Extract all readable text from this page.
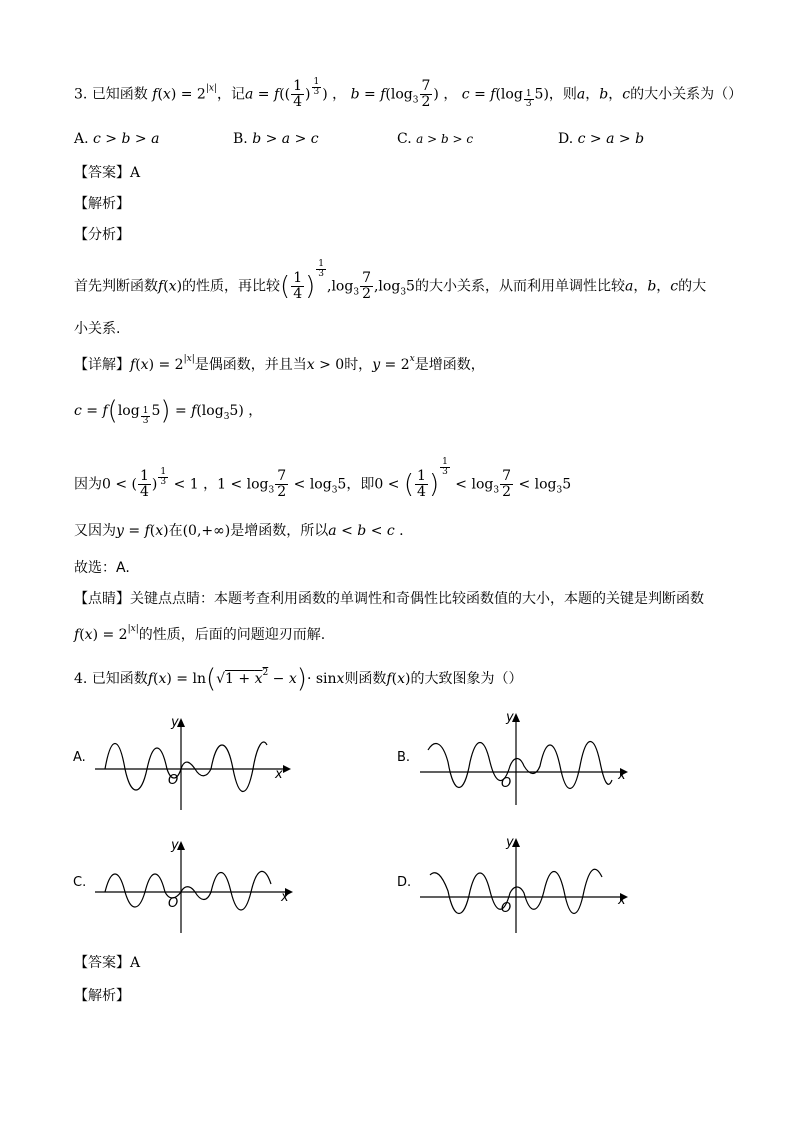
3. 已知函数 $f(x) = 2^{|x|}$，记$a = f(( \frac{1}{4}$ ) $^{\frac{1}{3}}$ ) ， $b = f(\log_3 \frac{7}{2}$ ) ， c = f(log $_{\frac{1}{3}}$ 5)，则a，b，c的大小关系为（）
A. c > b > a	B. b > a > c	C. a > b > c	D. c > a > b
【答案】A
【解析】
【分析】
首先判断函数f(x)的性质，再比较( $\frac{1}{4}$ )
$^{\frac{1}{3}}$
$,\log_3 \frac{7}{2} ,\log_35$的大小关系，从而利用单调性比较a，b，c的大
小关系.
【详解】$f(x) = 2^{|x|}$是偶函数，并且当x > 0时，$y = 2^x$是增函数，
c = f(log $_{\frac{1}{3}}$ $5) = f(\log_35)$ ，
因为0 < ( $\frac{1}{4}$ ) $^{\frac{1}{3}}$ < 1 ，$1 < \log_3 \frac{7}{2} < \log_35$，即0 < ( $\frac{1}{4}$ )
$^{\frac{1}{3}}$
< $\log_3 \frac{7}{2} < \log_35$
又因为y = f(x)在(0,+∞)是增函数，所以a < b < c .
故选：A.
【点睛】关键点点睛：本题考查利用函数的单调性和奇偶性比较函数值的大小，本题的关键是判断函数
$f(x) = 2^{|x|}$的性质，后面的问题迎刃而解.
4. 已知函数$f(x) = \ln(√1 + x^2 - x)\cdot \sin x$则函数f(x)的大致图象为（）
A.
y
x
O
B.
y
x
O
C.
y
x
O
D.
y
x
O
【答案】A
【解析】
